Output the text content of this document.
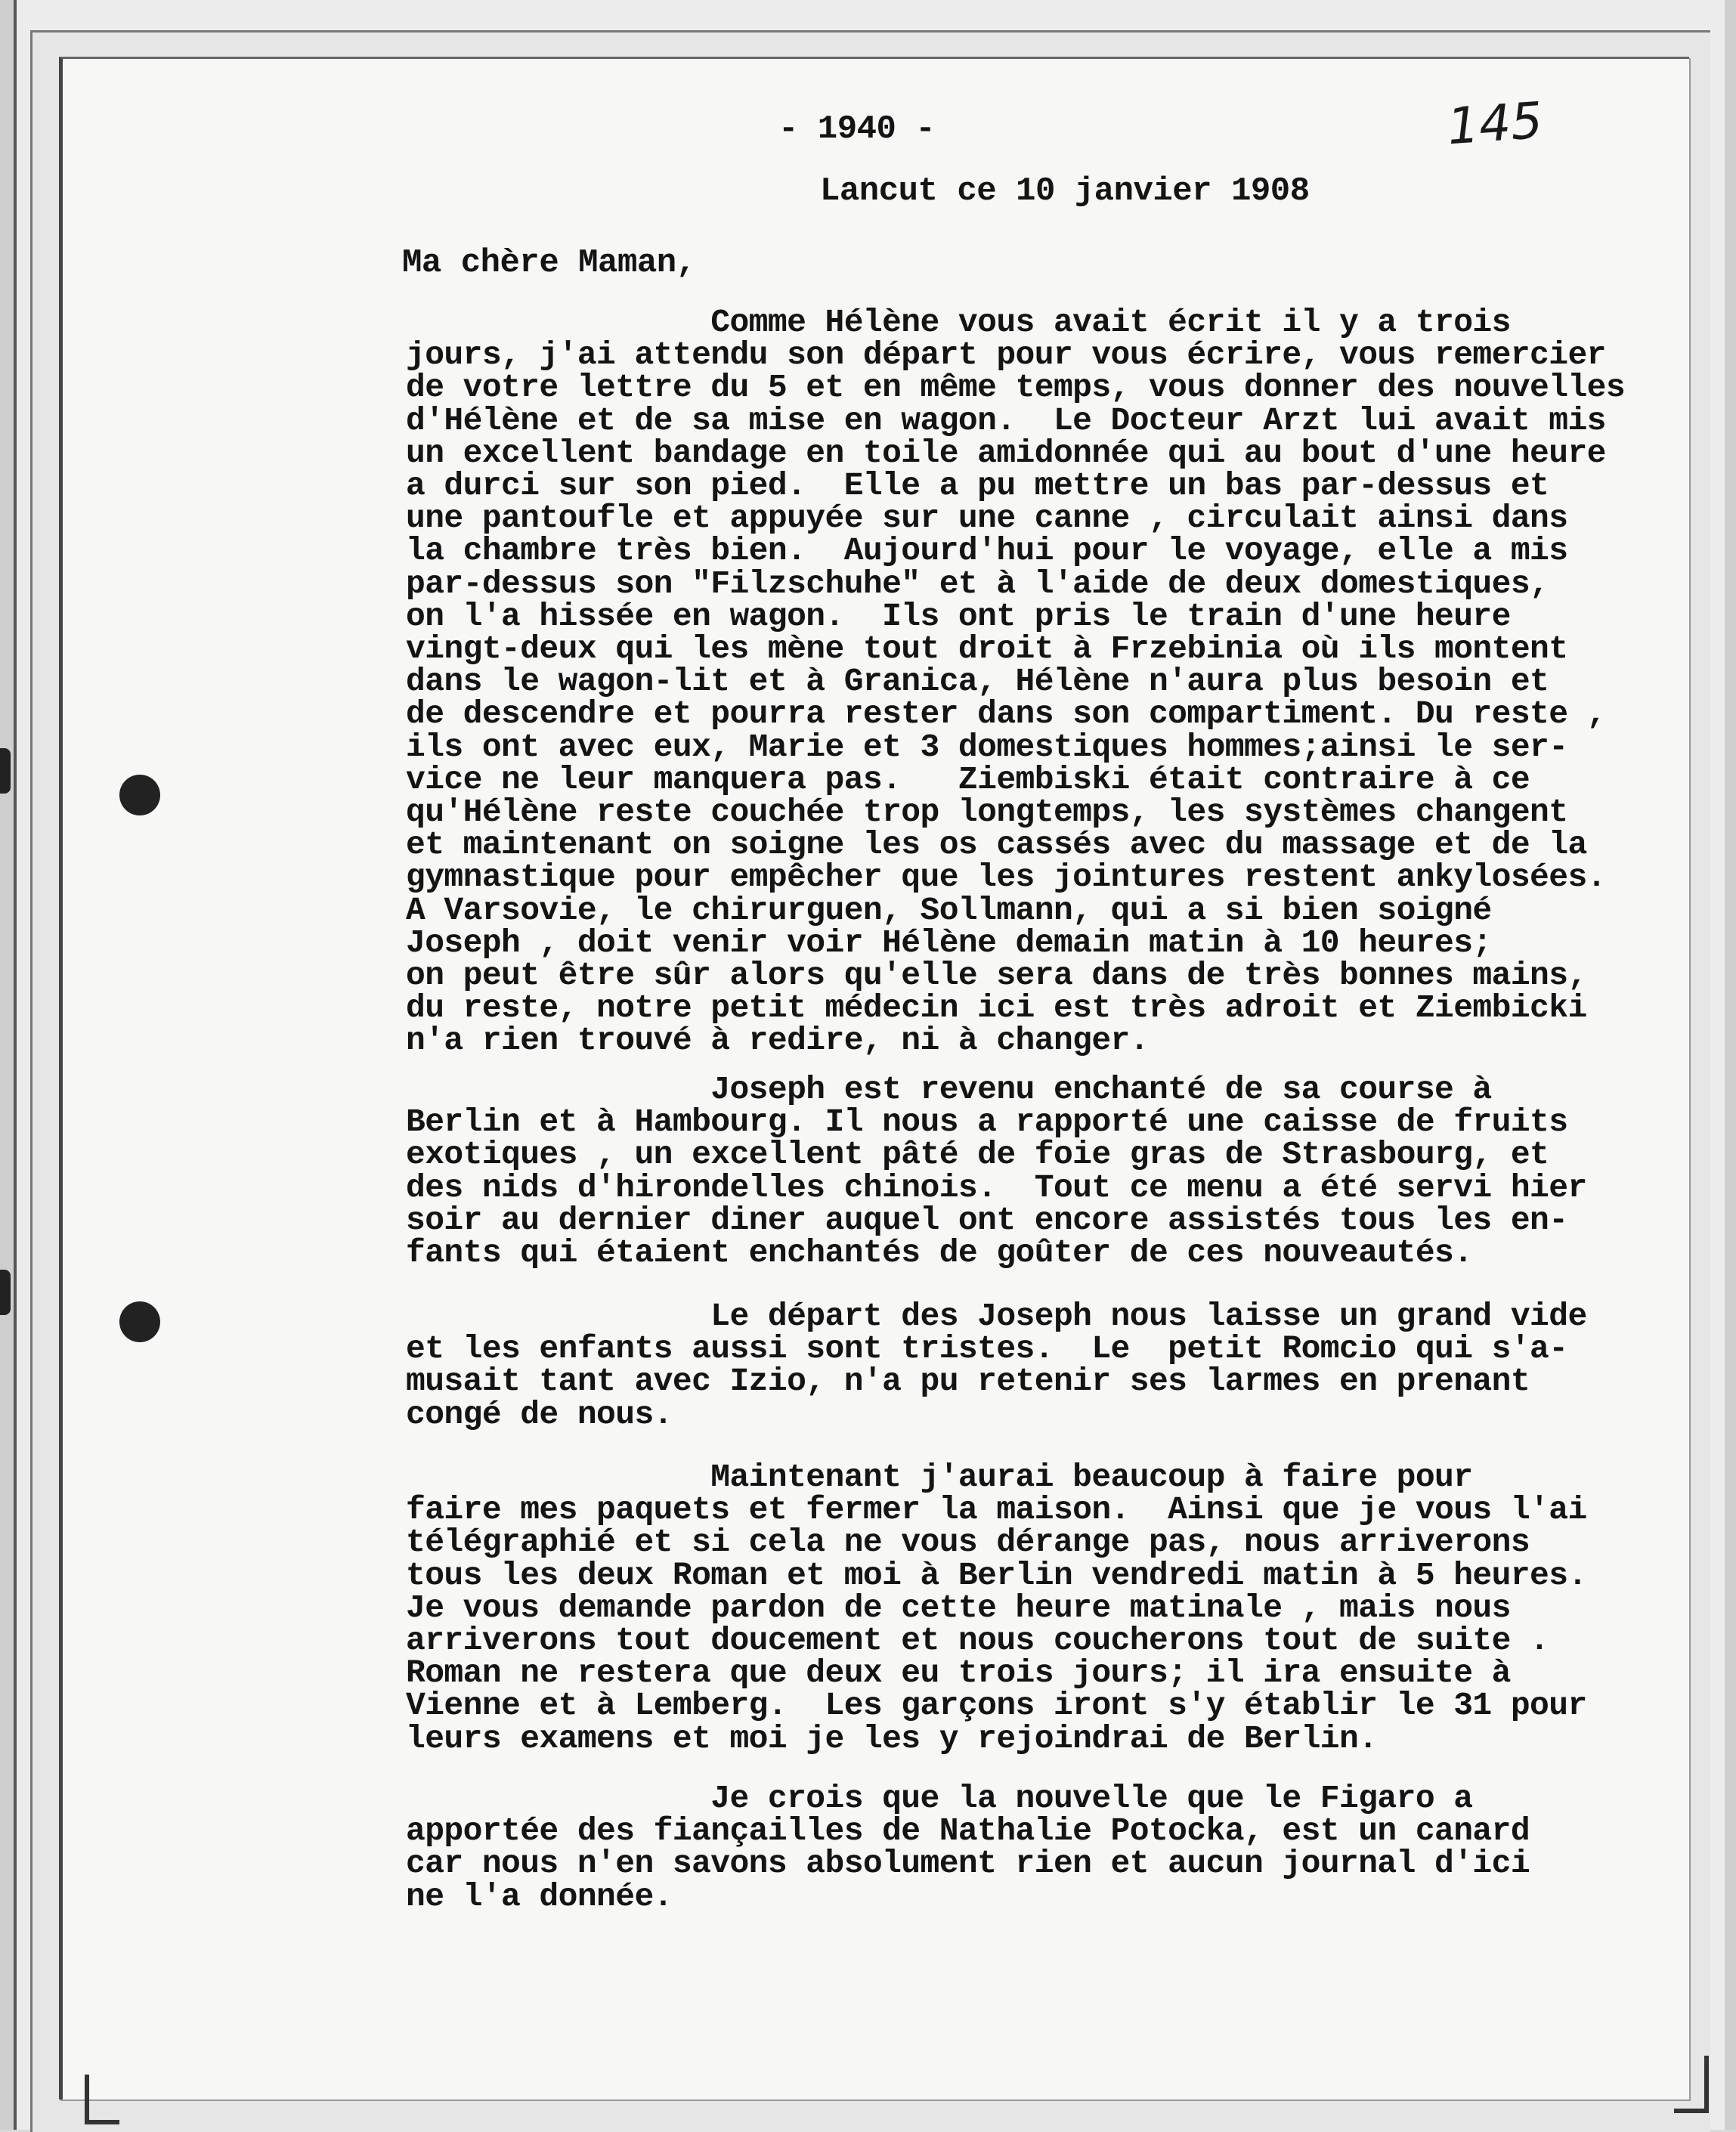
- 1940 -	145
Lancut ce 10 janvier 1908
Ma chère Maman,
Comme Hélène vous avait écrit il y a trois
jours, j'ai attendu son départ pour vous écrire, vous remercier
de votre lettre du 5 et en même temps, vous donner des nouvelles
d'Hélène et de sa mise en wagon.  Le Docteur Arzt lui avait mis
un excellent bandage en toile amidonnée qui au bout d'une heure
a durci sur son pied.  Elle a pu mettre un bas par-dessus et
une pantoufle et appuyée sur une canne , circulait ainsi dans
la chambre très bien.  Aujourd'hui pour le voyage, elle a mis
par-dessus son "Filzschuhe" et à l'aide de deux domestiques,
on l'a hissée en wagon.  Ils ont pris le train d'une heure
vingt-deux qui les mène tout droit à Frzebinia où ils montent
dans le wagon-lit et à Granica, Hélène n'aura plus besoin et
de descendre et pourra rester dans son compartiment. Du reste ,
ils ont avec eux, Marie et 3 domestiques hommes;ainsi le ser-
vice ne leur manquera pas.   Ziembiski était contraire à ce
qu'Hélène reste couchée trop longtemps, les systèmes changent
et maintenant on soigne les os cassés avec du massage et de la
gymnastique pour empêcher que les jointures restent ankylosées.
A Varsovie, le chirurguen, Sollmann, qui a si bien soigné
Joseph , doit venir voir Hélène demain matin à 10 heures;
on peut être sûr alors qu'elle sera dans de très bonnes mains,
du reste, notre petit médecin ici est très adroit et Ziembicki
n'a rien trouvé à redire, ni à changer.
Joseph est revenu enchanté de sa course à
Berlin et à Hambourg. Il nous a rapporté une caisse de fruits
exotiques , un excellent pâté de foie gras de Strasbourg, et
des nids d'hirondelles chinois.  Tout ce menu a été servi hier
soir au dernier diner auquel ont encore assistés tous les en-
fants qui étaient enchantés de goûter de ces nouveautés.
Le départ des Joseph nous laisse un grand vide
et les enfants aussi sont tristes.  Le  petit Romcio qui s'a-
musait tant avec Izio, n'a pu retenir ses larmes en prenant
congé de nous.
Maintenant j'aurai beaucoup à faire pour
faire mes paquets et fermer la maison.  Ainsi que je vous l'ai
télégraphié et si cela ne vous dérange pas, nous arriverons
tous les deux Roman et moi à Berlin vendredi matin à 5 heures.
Je vous demande pardon de cette heure matinale , mais nous
arriverons tout doucement et nous coucherons tout de suite .
Roman ne restera que deux eu trois jours; il ira ensuite à
Vienne et à Lemberg.  Les garçons iront s'y établir le 31 pour
leurs examens et moi je les y rejoindrai de Berlin.
Je crois que la nouvelle que le Figaro a
apportée des fiançailles de Nathalie Potocka, est un canard
car nous n'en savons absolument rien et aucun journal d'ici
ne l'a donnée.
